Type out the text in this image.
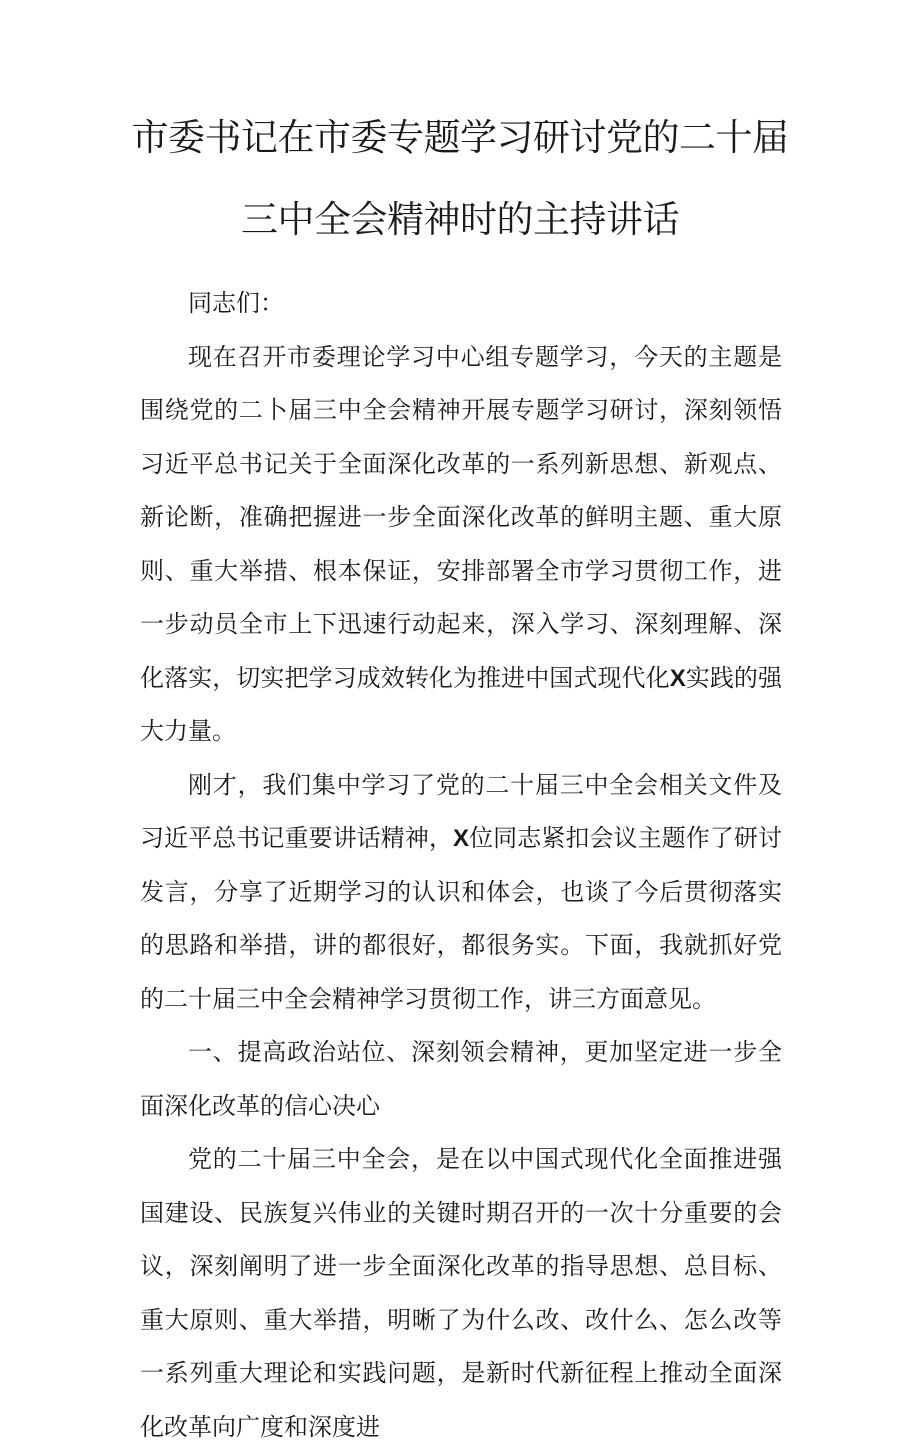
市委书记在市委专题学习研讨党的二十届
三中全会精神时的主持讲话

同志们：

现在召开市委理论学习中心组专题学习，今天的主题是围绕党的二卜届三中全会精神开展专题学习研讨，深刻领悟习近平总书记关于全面深化改革的一系列新思想、新观点、新论断，准确把握进一步全面深化改革的鲜明主题、重大原则、重大举措、根本保证，安排部署全市学习贯彻工作，进一步动员全市上下迅速行动起来，深入学习、深刻理解、深化落实，切实把学习成效转化为推进中国式现代化X实践的强大力量。

刚才，我们集中学习了党的二十届三中全会相关文件及习近平总书记重要讲话精神，X位同志紧扣会议主题作了研讨发言，分享了近期学习的认识和体会，也谈了今后贯彻落实的思路和举措，讲的都很好，都很务实。下面，我就抓好党的二十届三中全会精神学习贯彻工作，讲三方面意见。

一、提高政治站位、深刻领会精神，更加坚定进一步全面深化改革的信心决心

党的二十届三中全会，是在以中国式现代化全面推进强国建设、民族复兴伟业的关键时期召开的一次十分重要的会议，深刻阐明了进一步全面深化改革的指导思想、总目标、重大原则、重大举措，明晰了为什么改、改什么、怎么改等一系列重大理论和实践问题，是新时代新征程上推动全面深化改革向广度和深度进
